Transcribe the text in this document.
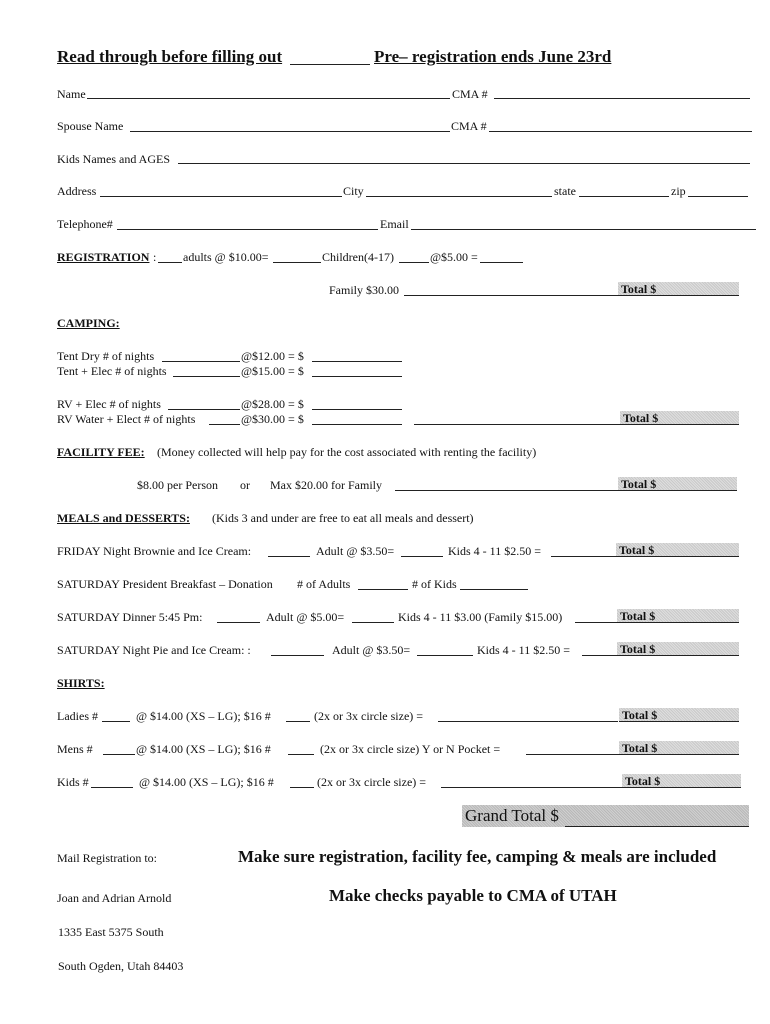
Read through before filling out	Pre– registration ends June 23rd
Name	CMA #
Spouse Name	CMA #
Kids Names and AGES
Address	City	state	zip
Telephone#	Email
REGISTRATION : adults @ $10.00=	Children(4-17)	@$5.00 =
Family $30.00	Total $
CAMPING:
Tent Dry # of nights	@$12.00 = $
Tent + Elec # of nights	@$15.00 = $
RV + Elec # of nights	@$28.00 = $
RV Water + Elect # of nights	@$30.00 = $	Total $
FACILITY FEE: (Money collected will help pay for the cost associated with renting the facility)
$8.00 per Person or Max $20.00 for Family	Total $
MEALS and DESSERTS: (Kids 3 and under are free to eat all meals and dessert)
FRIDAY Night Brownie and Ice Cream:	Adult @ $3.50=	Kids 4 - 11 $2.50 =	Total $
SATURDAY President Breakfast – Donation # of Adults	# of Kids
SATURDAY Dinner 5:45 Pm:	Adult @ $5.00=	Kids 4 - 11 $3.00 (Family $15.00)	Total $
SATURDAY Night Pie and Ice Cream: :	Adult @ $3.50=	Kids 4 - 11 $2.50 =	Total $
SHIRTS:
Ladies #	@ $14.00 (XS – LG); $16 #	(2x or 3x circle size) =	Total $
Mens #	@ $14.00 (XS – LG); $16 #	(2x or 3x circle size) Y or N Pocket =	Total $
Kids #	@ $14.00 (XS – LG); $16 #	(2x or 3x circle size) =	Total $
Grand Total $
Mail Registration to:	Make sure registration, facility fee, camping & meals are included
Joan and Adrian Arnold	Make checks payable to CMA of UTAH
1335 East 5375 South
South Ogden, Utah 84403
